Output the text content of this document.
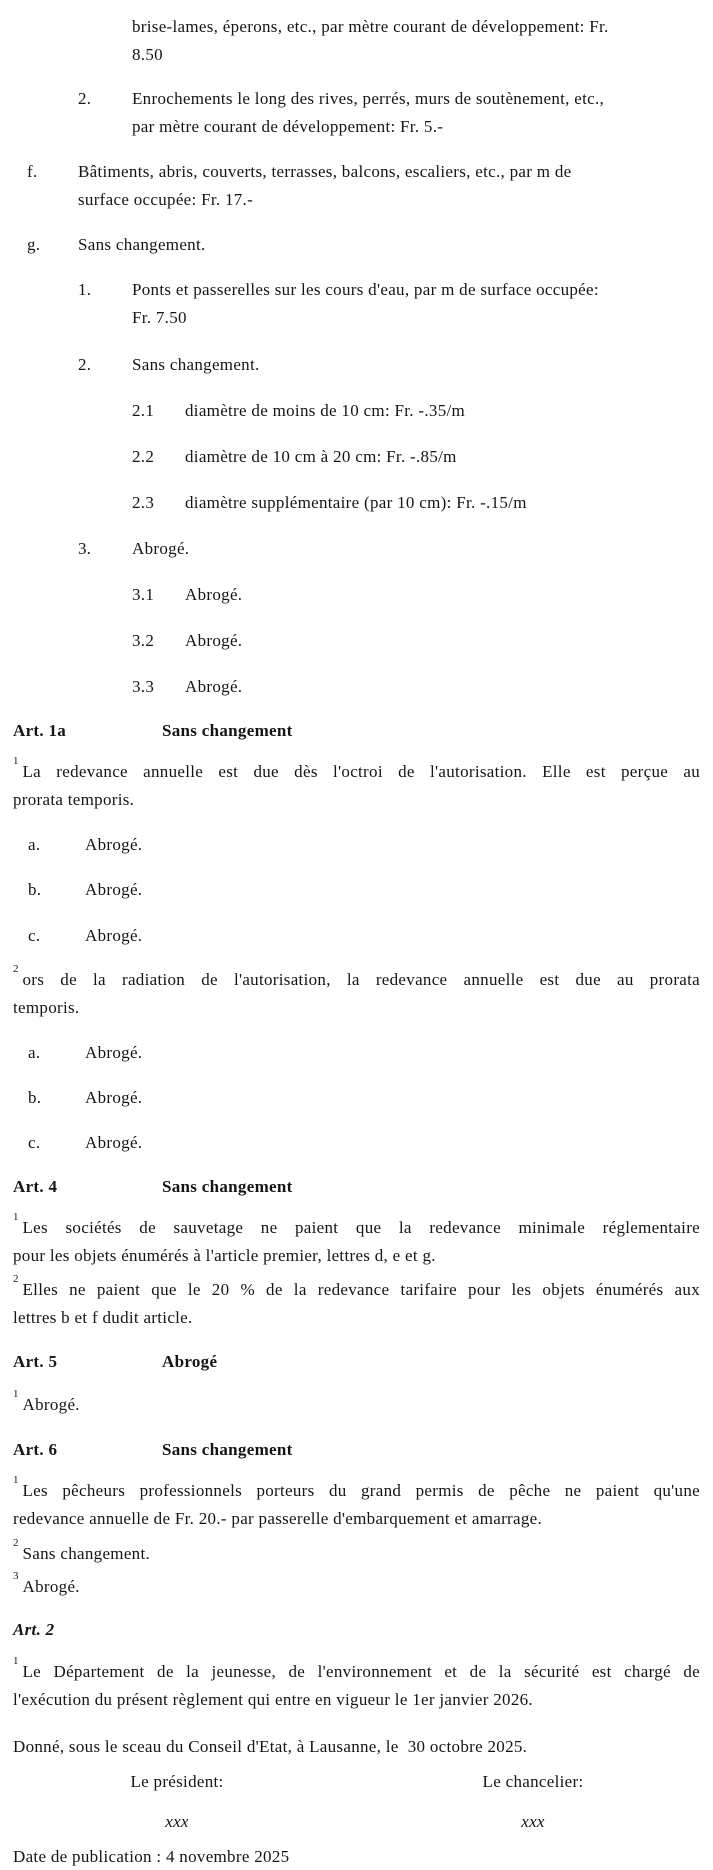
brise-lames, éperons, etc., par mètre courant de développement: Fr.
8.50
2.	Enrochements le long des rives, perrés, murs de soutènement, etc.,
par mètre courant de développement: Fr. 5.-
f.	Bâtiments, abris, couverts, terrasses, balcons, escaliers, etc., par m de
surface occupée: Fr. 17.-
g.	Sans changement.
1.	Ponts et passerelles sur les cours d'eau, par m de surface occupée:
Fr. 7.50
2.	Sans changement.
2.1	diamètre de moins de 10 cm: Fr. -.35/m
2.2	diamètre de 10 cm à 20 cm: Fr. -.85/m
2.3	diamètre supplémentaire (par 10 cm): Fr. -.15/m
3.	Abrogé.
3.1	Abrogé.
3.2	Abrogé.
3.3	Abrogé.
Art. 1a	Sans changement
$^1$La redevance annuelle est due dès l'octroi de l'autorisation. Elle est perçue au
prorata temporis.
a.	Abrogé.
b.	Abrogé.
c.	Abrogé.
$^2$ors de la radiation de l'autorisation, la redevance annuelle est due au prorata
temporis.
a.	Abrogé.
b.	Abrogé.
c.	Abrogé.
Art. 4	Sans changement
$^1$Les sociétés de sauvetage ne paient que la redevance minimale réglementaire
pour les objets énumérés à l'article premier, lettres d, e et g.
$^2$Elles ne paient que le 20 % de la redevance tarifaire pour les objets énumérés aux
lettres b et f dudit article.
Art. 5	Abrogé
$^1$Abrogé.
Art. 6	Sans changement
$^1$Les pêcheurs professionnels porteurs du grand permis de pêche ne paient qu'une
redevance annuelle de Fr. 20.- par passerelle d'embarquement et amarrage.
$^2$Sans changement.
$^3$Abrogé.
Art. 2
$^1$Le Département de la jeunesse, de l'environnement et de la sécurité est chargé de
l'exécution du présent règlement qui entre en vigueur le 1er janvier 2026.
Donné, sous le sceau du Conseil d'Etat, à Lausanne, le  30 octobre 2025.
Le président:	Le chancelier:
xxx	xxx
Date de publication : 4 novembre 2025
